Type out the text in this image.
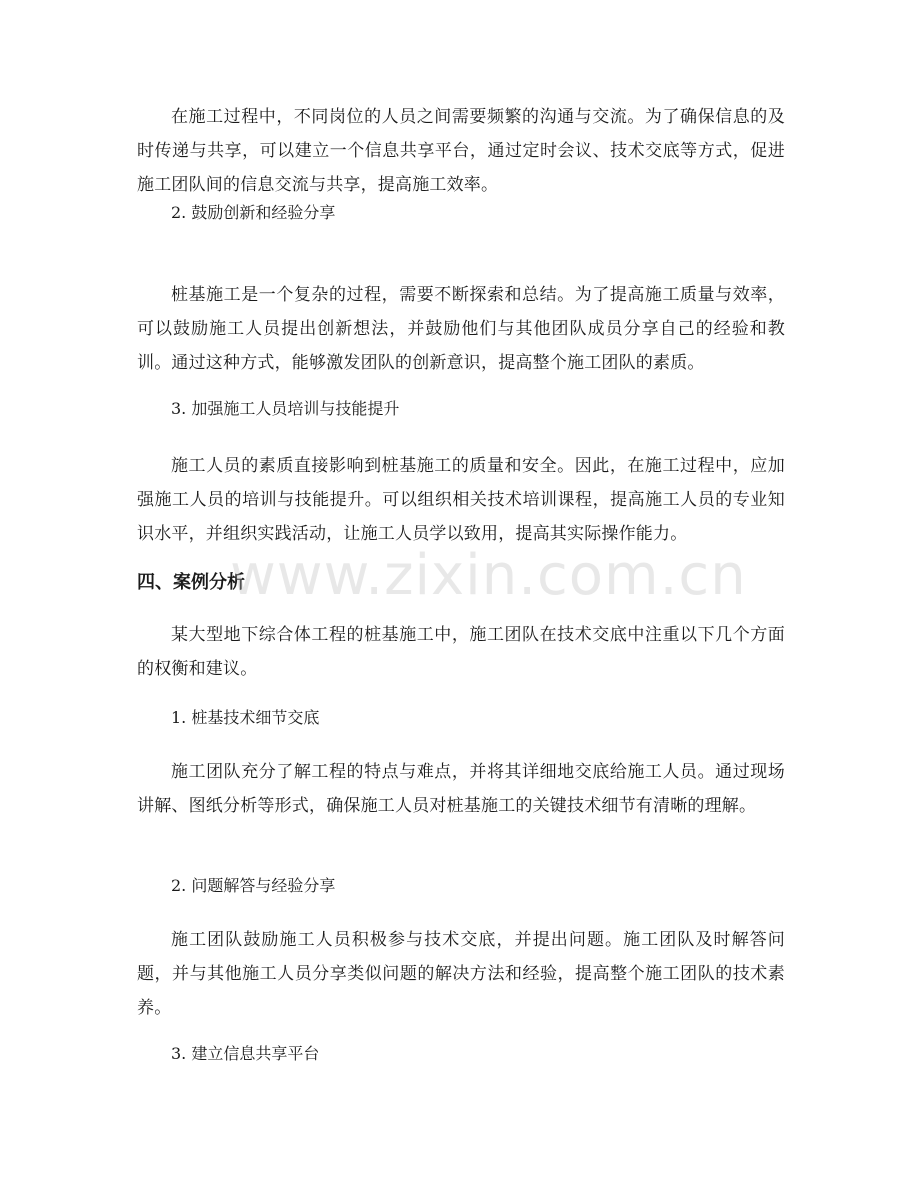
在施工过程中，不同岗位的人员之间需要频繁的沟通与交流。为了确保信息的及时传递与共享，可以建立一个信息共享平台，通过定时会议、技术交底等方式，促进施工团队间的信息交流与共享，提高施工效率。

2. 鼓励创新和经验分享

桩基施工是一个复杂的过程，需要不断探索和总结。为了提高施工质量与效率，可以鼓励施工人员提出创新想法，并鼓励他们与其他团队成员分享自己的经验和教训。通过这种方式，能够激发团队的创新意识，提高整个施工团队的素质。

3. 加强施工人员培训与技能提升

施工人员的素质直接影响到桩基施工的质量和安全。因此，在施工过程中，应加强施工人员的培训与技能提升。可以组织相关技术培训课程，提高施工人员的专业知识水平，并组织实践活动，让施工人员学以致用，提高其实际操作能力。

四、案例分析

某大型地下综合体工程的桩基施工中，施工团队在技术交底中注重以下几个方面的权衡和建议。

1. 桩基技术细节交底

施工团队充分了解工程的特点与难点，并将其详细地交底给施工人员。通过现场讲解、图纸分析等形式，确保施工人员对桩基施工的关键技术细节有清晰的理解。

2. 问题解答与经验分享

施工团队鼓励施工人员积极参与技术交底，并提出问题。施工团队及时解答问题，并与其他施工人员分享类似问题的解决方法和经验，提高整个施工团队的技术素养。

3. 建立信息共享平台

www.zixin.com.cn
